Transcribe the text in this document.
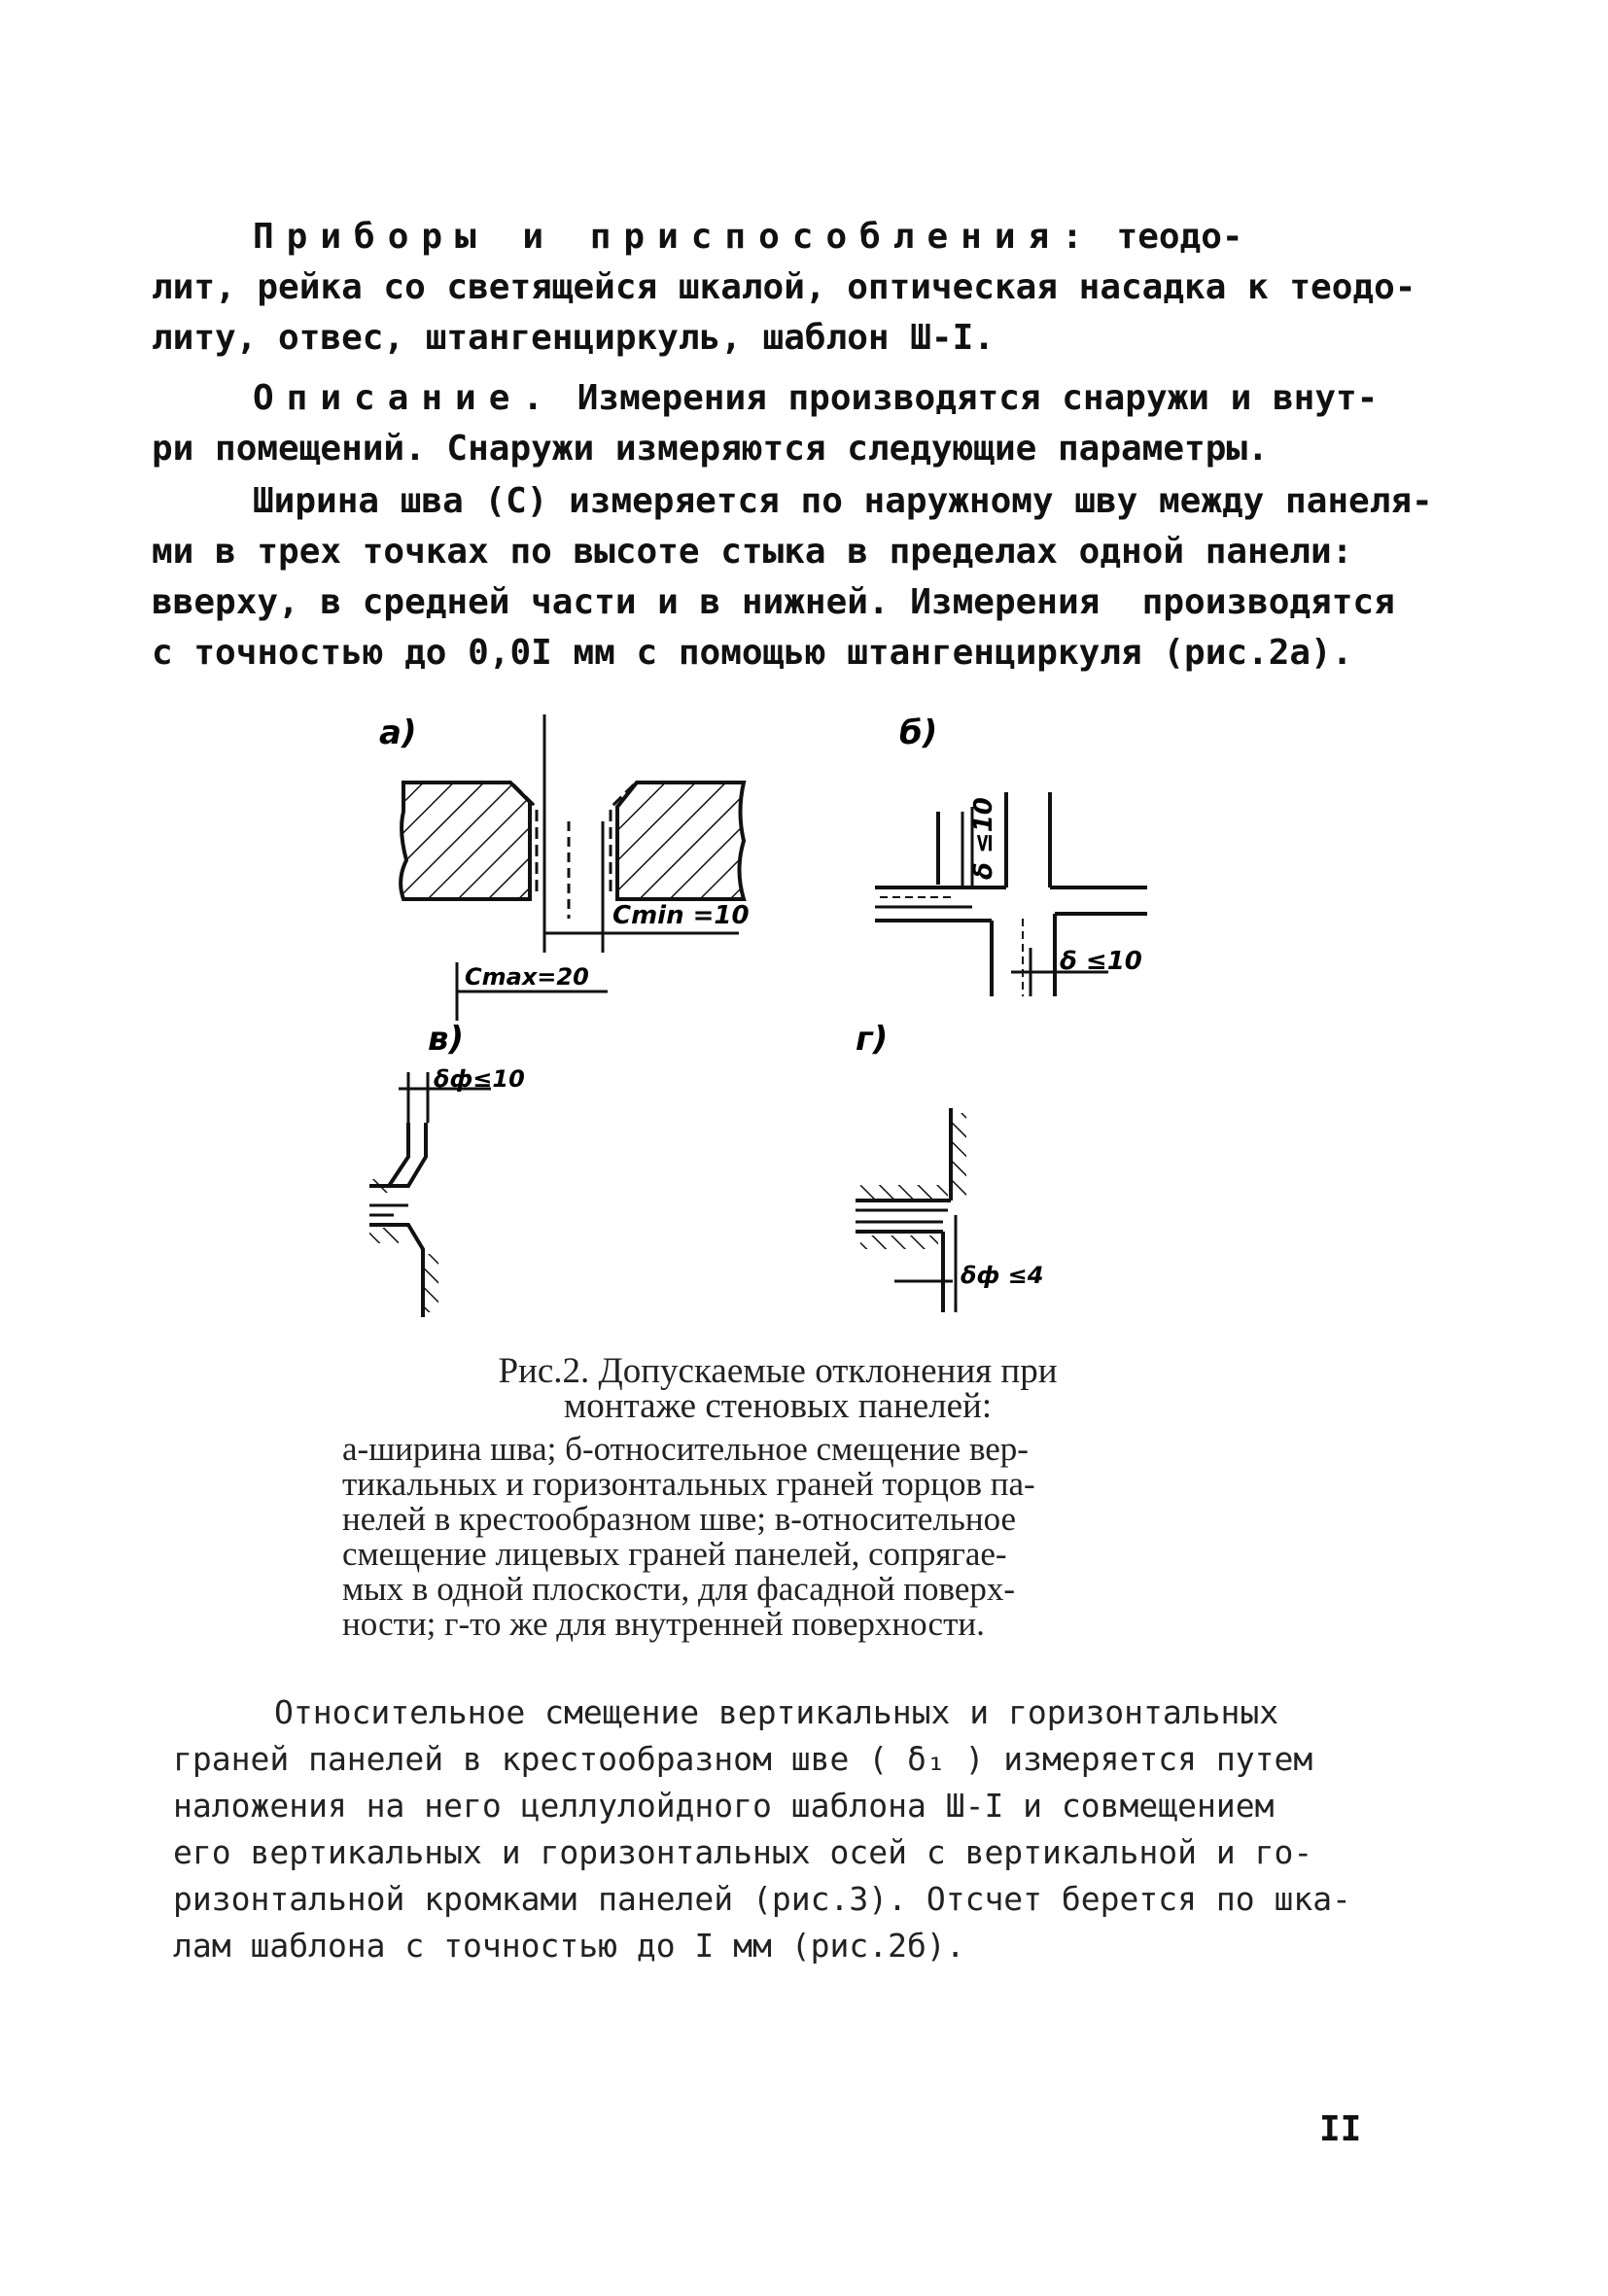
Приборы и приспособления: теодо-
лит, рейка со светящейся шкалой, оптическая насадка к теодо-
литу, отвес, штангенциркуль, шаблон Ш-I.
Описание. Измерения производятся снаружи и внут-
ри помещений. Снаружи измеряются следующие параметры.
Ширина шва (С) измеряется по наружному шву между панеля-
ми в трех точках по высоте стыка в пределах одной панели:
вверху, в средней части и в нижней. Измерения  производятся
с точностью до 0,0I мм с помощью штангенциркуля (рис.2а).
а)
Cmin =10
Cmax=20
б)
δ ≤10
δ ≤10
в)
δф≤10
г)
δф ≤4
Рис.2. Допускаемые отклонения при
монтаже стеновых панелей:
а-ширина шва; б-относительное смещение вер-
тикальных и горизонтальных граней торцов па-
нелей в крестообразном шве; в-относительное
смещение лицевых граней панелей, сопрягае-
мых в одной плоскости, для фасадной поверх-
ности; г-то же для внутренней поверхности.
Относительное смещение вертикальных и горизонтальных
граней панелей в крестообразном шве ( δ₁ ) измеряется путем
наложения на него целлулойдного шаблона Ш-I и совмещением
его вертикальных и горизонтальных осей с вертикальной и го-
ризонтальной кромками панелей (рис.3). Отсчет берется по шка-
лам шаблона с точностью до I мм (рис.2б).
II
